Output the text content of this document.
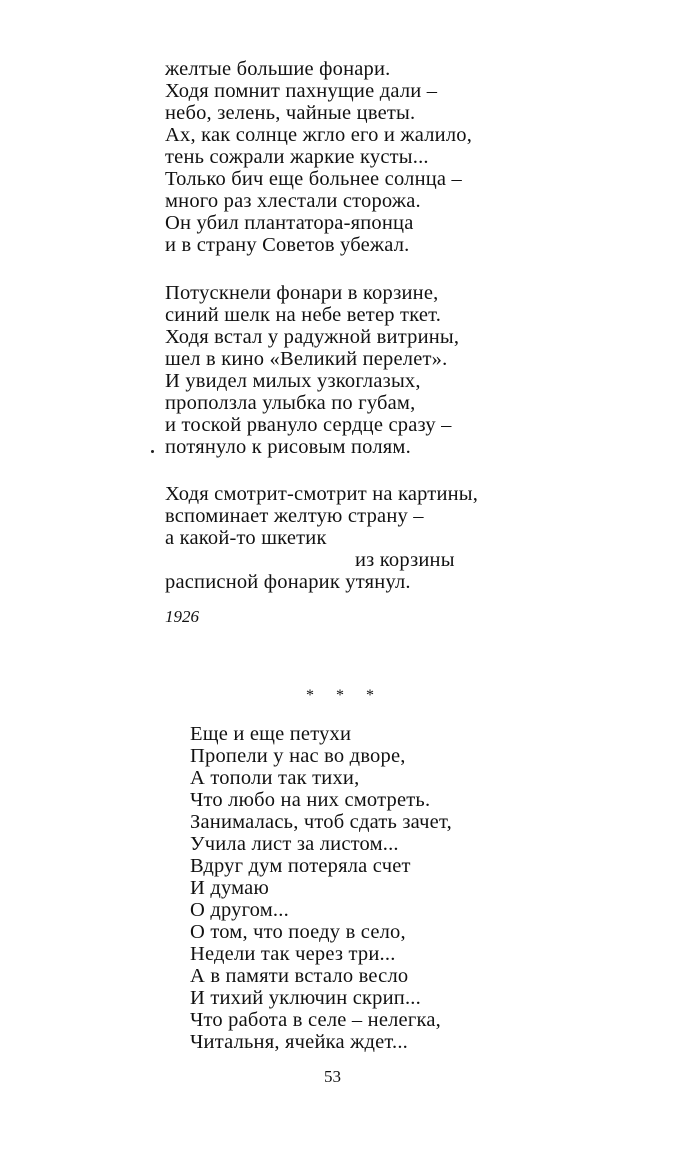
желтые большие фонари.
Ходя помнит пахнущие дали –
небо, зелень, чайные цветы.
Ах, как солнце жгло его и жалило,
тень сожрали жаркие кусты...
Только бич еще больнее солнца –
много раз хлестали сторожа.
Он убил плантатора-японца
и в страну Советов убежал.
Потускнели фонари в корзине,
синий шелк на небе ветер ткет.
Ходя встал у радужной витрины,
шел в кино «Великий перелет».
И увидел милых узкоглазых,
проползла улыбка по губам,
и тоской рвануло сердце сразу –
потянуло к рисовым полям.
Ходя смотрит-смотрит на картины,
вспоминает желтую страну –
а какой-то шкетик
из корзины
расписной фонарик утянул.
1926
* * *
Еще и еще петухи
Пропели у нас во дворе,
А тополи так тихи,
Что любо на них смотреть.
Занималась, чтоб сдать зачет,
Учила лист за листом...
Вдруг дум потеряла счет
И думаю
О другом...
О том, что поеду в село,
Недели так через три...
А в памяти встало весло
И тихий уключин скрип...
Что работа в селе – нелегка,
Читальня, ячейка ждет...
53
